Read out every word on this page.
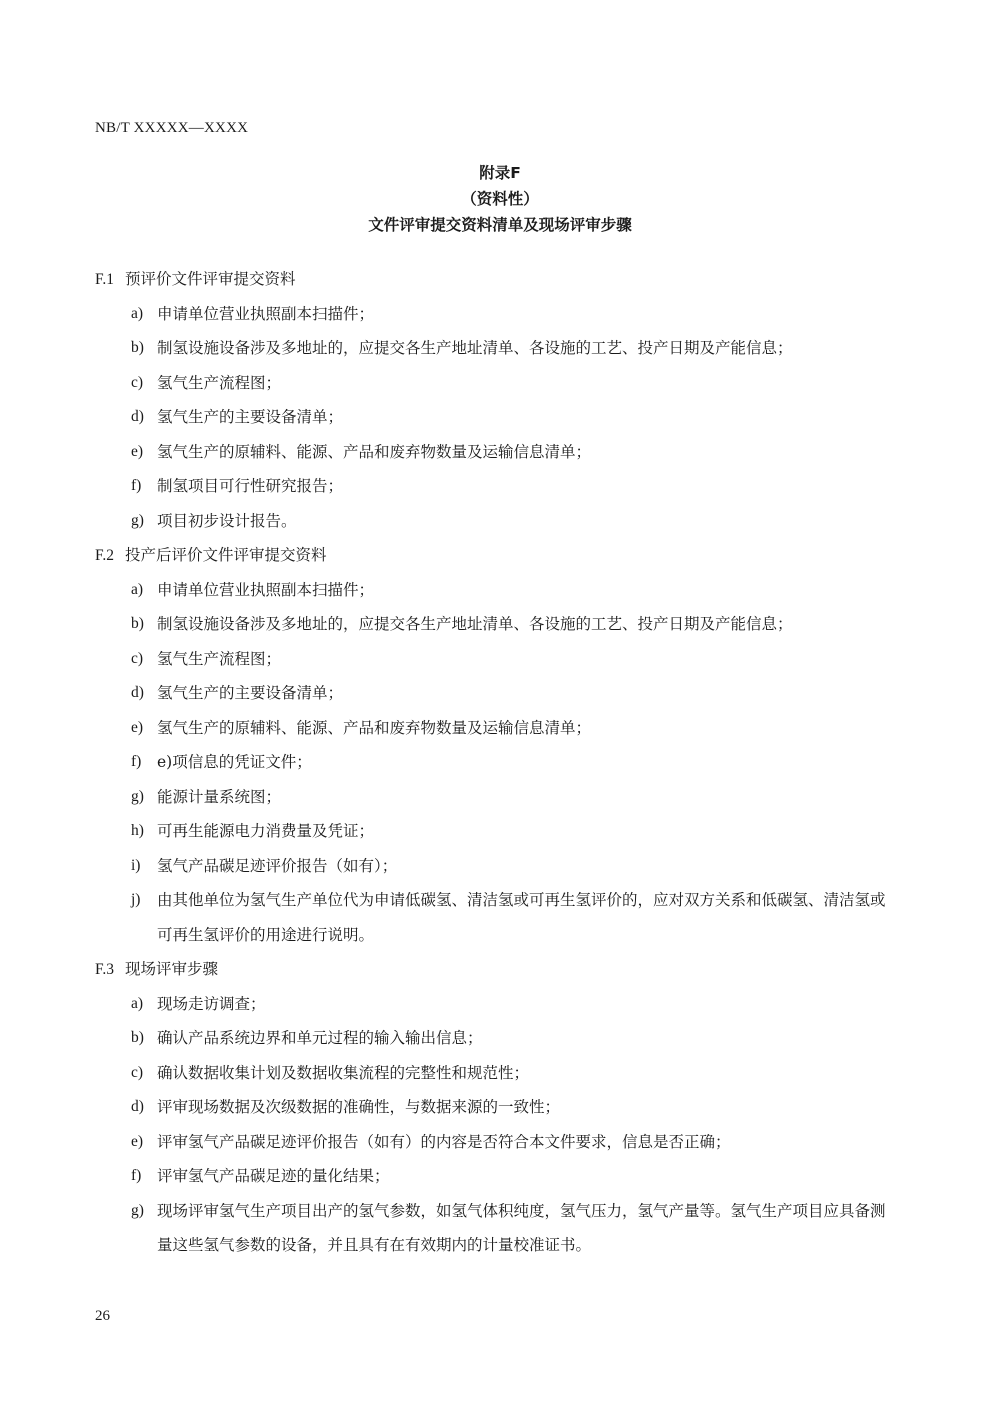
NB/T XXXXX—XXXX
附录F
（资料性）
文件评审提交资料清单及现场评审步骤
F.1 预评价文件评审提交资料
a) 申请单位营业执照副本扫描件；
b) 制氢设施设备涉及多地址的，应提交各生产地址清单、各设施的工艺、投产日期及产能信息；
c) 氢气生产流程图；
d) 氢气生产的主要设备清单；
e) 氢气生产的原辅料、能源、产品和废弃物数量及运输信息清单；
f) 制氢项目可行性研究报告；
g) 项目初步设计报告。
F.2 投产后评价文件评审提交资料
a) 申请单位营业执照副本扫描件；
b) 制氢设施设备涉及多地址的，应提交各生产地址清单、各设施的工艺、投产日期及产能信息；
c) 氢气生产流程图；
d) 氢气生产的主要设备清单；
e) 氢气生产的原辅料、能源、产品和废弃物数量及运输信息清单；
f) e)项信息的凭证文件；
g) 能源计量系统图；
h) 可再生能源电力消费量及凭证；
i) 氢气产品碳足迹评价报告（如有）；
j) 由其他单位为氢气生产单位代为申请低碳氢、清洁氢或可再生氢评价的，应对双方关系和低碳氢、清洁氢或可再生氢评价的用途进行说明。
F.3 现场评审步骤
a) 现场走访调查；
b) 确认产品系统边界和单元过程的输入输出信息；
c) 确认数据收集计划及数据收集流程的完整性和规范性；
d) 评审现场数据及次级数据的准确性，与数据来源的一致性；
e) 评审氢气产品碳足迹评价报告（如有）的内容是否符合本文件要求，信息是否正确；
f) 评审氢气产品碳足迹的量化结果；
g) 现场评审氢气生产项目出产的氢气参数，如氢气体积纯度，氢气压力，氢气产量等。氢气生产项目应具备测量这些氢气参数的设备，并且具有在有效期内的计量校准证书。
26
